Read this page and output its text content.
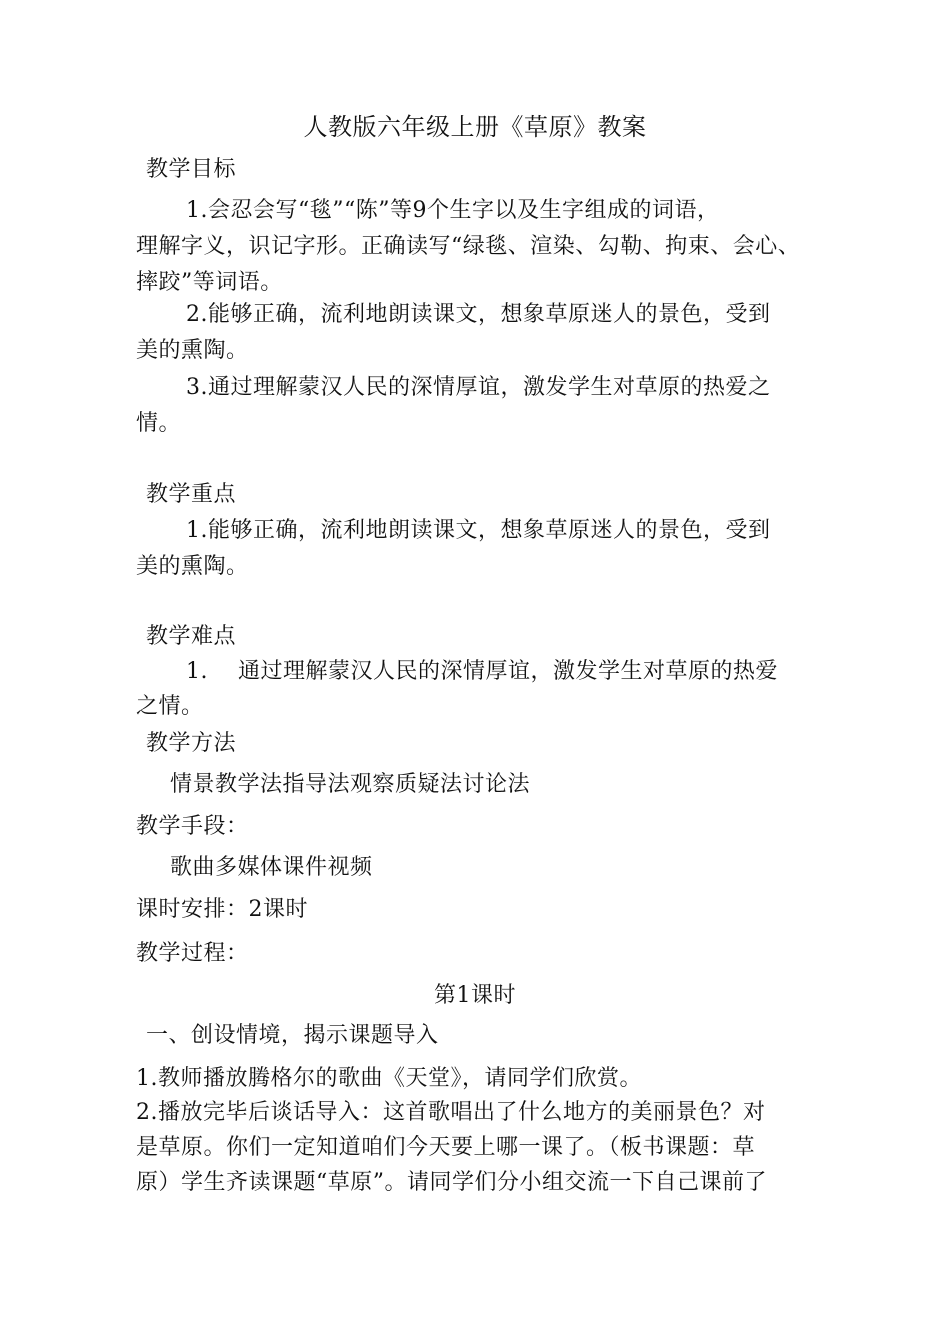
人教版六年级上册《草原》教案
教学目标
1.会忍会写“毯”“陈”等9个生字以及生字组成的词语，
理解字义，识记字形。正确读写“绿毯、渲染、勾勒、拘束、会心、
摔跤”等词语。
2.能够正确，流利地朗读课文，想象草原迷人的景色，受到
美的熏陶。
3.通过理解蒙汉人民的深情厚谊，激发学生对草原的热爱之
情。
教学重点
1.能够正确，流利地朗读课文，想象草原迷人的景色，受到
美的熏陶。
教学难点
1.    通过理解蒙汉人民的深情厚谊，激发学生对草原的热爱
之情。
教学方法
情景教学法指导法观察质疑法讨论法
教学手段：
歌曲多媒体课件视频
课时安排：2课时
教学过程：
第1课时
一、创设情境，揭示课题导入
1.教师播放腾格尔的歌曲《天堂》，请同学们欣赏。
2.播放完毕后谈话导入：这首歌唱出了什么地方的美丽景色？对
是草原。你们一定知道咱们今天要上哪一课了。（板书课题：草
原）学生齐读课题“草原”。请同学们分小组交流一下自己课前了
